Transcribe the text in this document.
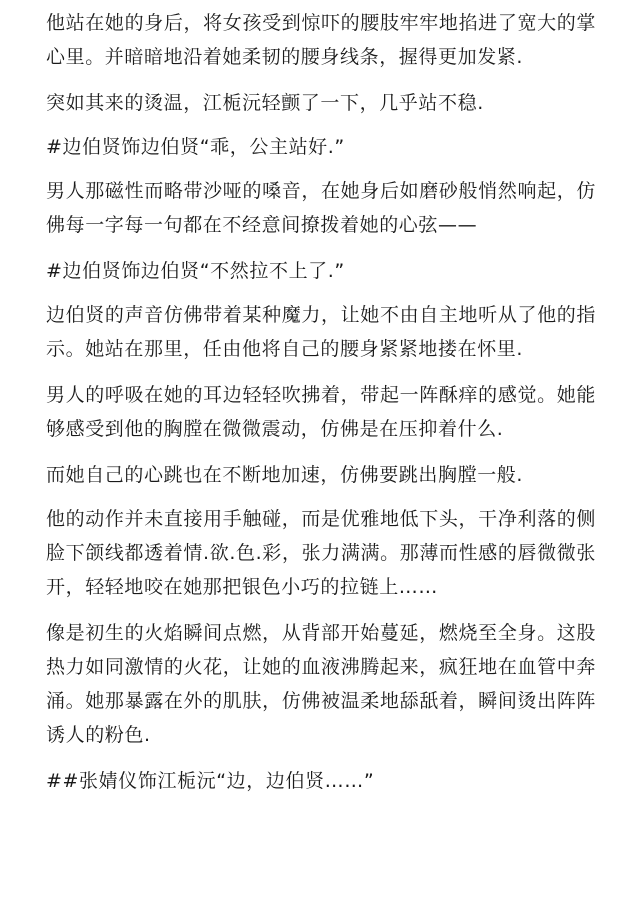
他站在她的身后，将女孩受到惊吓的腰肢牢牢地掐进了宽大的掌心里。并暗暗地沿着她柔韧的腰身线条，握得更加发紧.

突如其来的烫温，江栀沅轻颤了一下，几乎站不稳.

#边伯贤饰边伯贤“乖，公主站好.”

男人那磁性而略带沙哑的嗓音，在她身后如磨砂般悄然响起，仿佛每一字每一句都在不经意间撩拨着她的心弦——

#边伯贤饰边伯贤“不然拉不上了.”

边伯贤的声音仿佛带着某种魔力，让她不由自主地听从了他的指示。她站在那里，任由他将自己的腰身紧紧地搂在怀里.

男人的呼吸在她的耳边轻轻吹拂着，带起一阵酥痒的感觉。她能够感受到他的胸膛在微微震动，仿佛是在压抑着什么.

而她自己的心跳也在不断地加速，仿佛要跳出胸膛一般.

他的动作并未直接用手触碰，而是优雅地低下头，干净利落的侧脸下颌线都透着情.欲.色.彩，张力满满。那薄而性感的唇微微张开，轻轻地咬在她那把银色小巧的拉链上……

像是初生的火焰瞬间点燃，从背部开始蔓延，燃烧至全身。这股热力如同激情的火花，让她的血液沸腾起来，疯狂地在血管中奔涌。她那暴露在外的肌肤，仿佛被温柔地舔舐着，瞬间烫出阵阵诱人的粉色.

##张婧仪饰江栀沅“边，边伯贤……”
